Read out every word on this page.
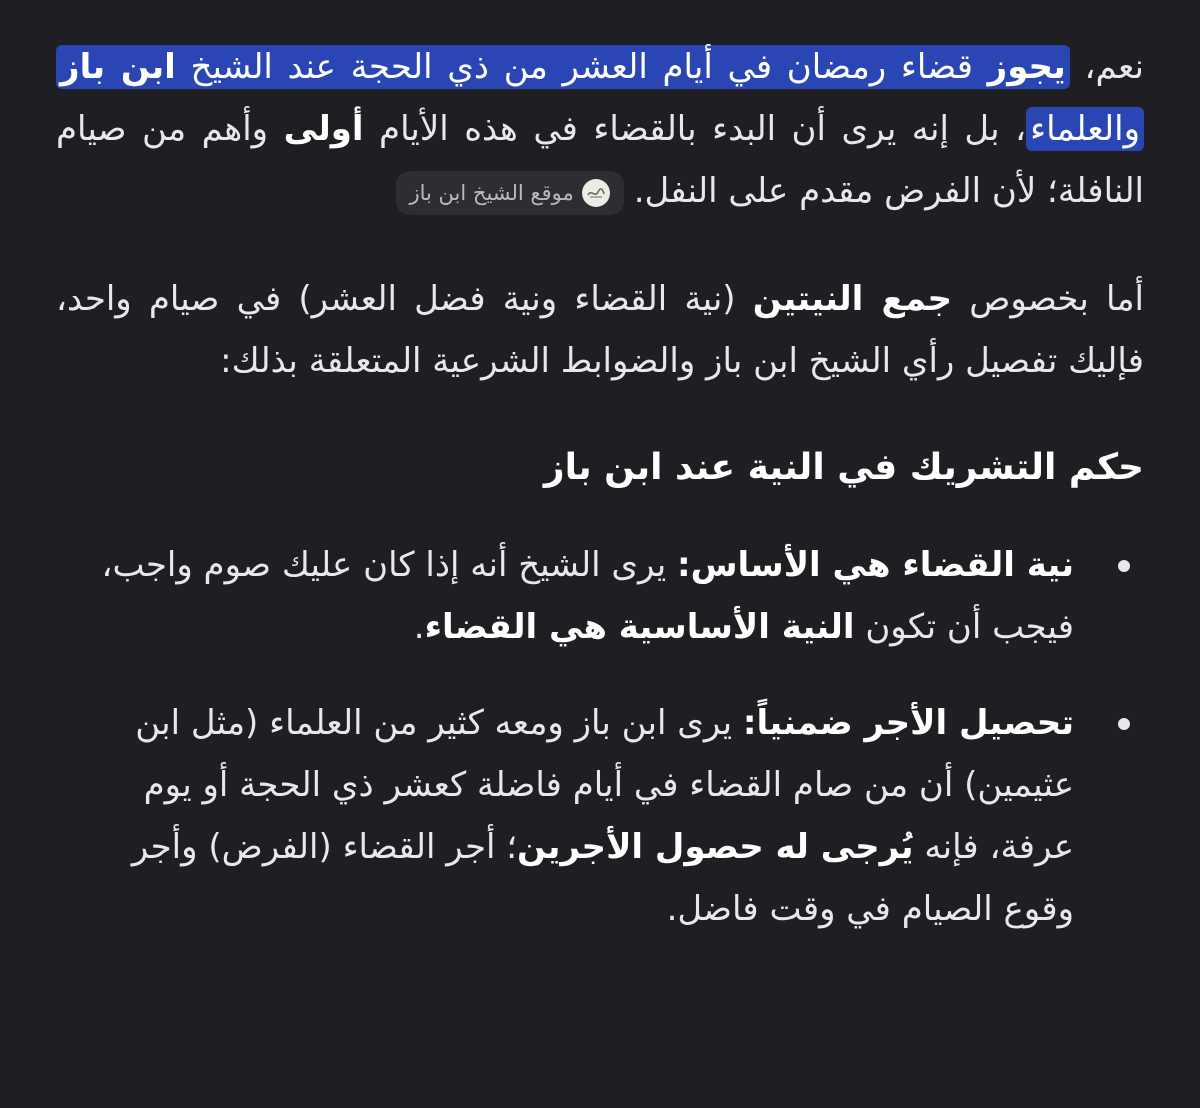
نعم، يجوز قضاء رمضان في أيام العشر من ذي الحجة عند الشيخ ابن باز والعلماء، بل إنه يرى أن البدء بالقضاء في هذه الأيام أولى وأهم من صيام النافلة؛ لأن الفرض مقدم على النفل.
موقع الشيخ ابن باز

أما بخصوص جمع النيتين (نية القضاء ونية فضل العشر) في صيام واحد، فإليك تفصيل رأي الشيخ ابن باز والضوابط الشرعية المتعلقة بذلك:

حكم التشريك في النية عند ابن باز
نية القضاء هي الأساس: يرى الشيخ أنه إذا كان عليك صوم واجب، فيجب أن تكون النية الأساسية هي القضاء.
تحصيل الأجر ضمنياً: يرى ابن باز ومعه كثير من العلماء (مثل ابن عثيمين) أن من صام القضاء في أيام فاضلة كعشر ذي الحجة أو يوم عرفة، فإنه يُرجى له حصول الأجرين؛ أجر القضاء (الفرض) وأجر وقوع الصيام في وقت فاضل.
